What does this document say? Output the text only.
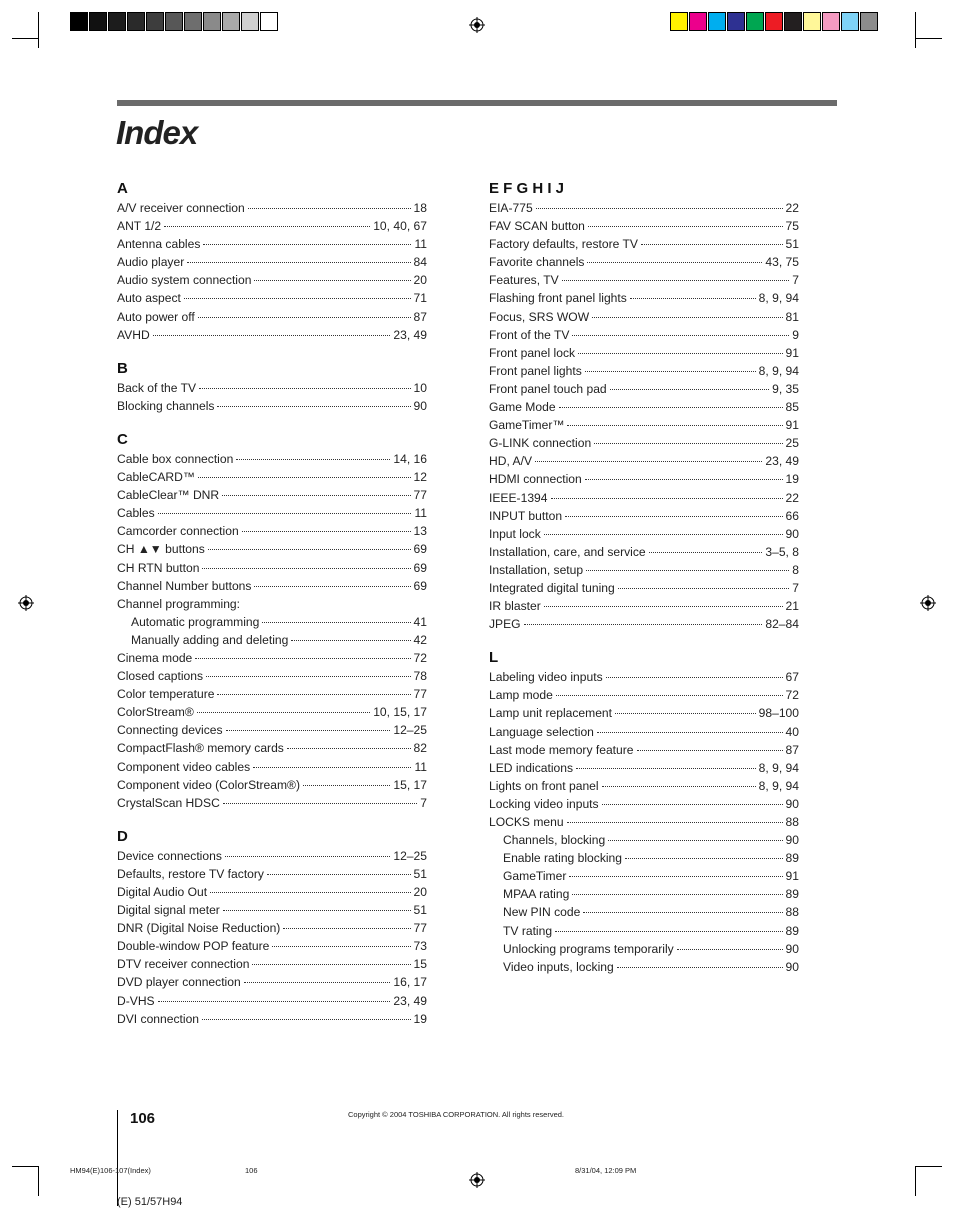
Index
A
A/V receiver connection	18
ANT 1/2	10, 40, 67
Antenna cables	11
Audio player	84
Audio system connection	20
Auto aspect	71
Auto power off	87
AVHD	23, 49
B
Back of the TV	10
Blocking channels	90
C
Cable box connection	14, 16
CableCARD™	12
CableClear™ DNR	77
Cables	11
Camcorder connection	13
CH ▲▼ buttons	69
CH RTN button	69
Channel Number buttons	69
Channel programming:
Automatic programming	41
Manually adding and deleting	42
Cinema mode	72
Closed captions	78
Color temperature	77
ColorStream®	10, 15, 17
Connecting devices	12–25
CompactFlash® memory cards	82
Component video cables	11
Component video (ColorStream®)	15, 17
CrystalScan HDSC	7
D
Device connections	12–25
Defaults, restore TV factory	51
Digital Audio Out	20
Digital signal meter	51
DNR (Digital Noise Reduction)	77
Double-window POP feature	73
DTV receiver connection	15
DVD player connection	16, 17
D-VHS	23, 49
DVI connection	19
E F G H I J
EIA-775	22
FAV SCAN button	75
Factory defaults, restore TV	51
Favorite channels	43, 75
Features, TV	7
Flashing front panel lights	8, 9, 94
Focus, SRS WOW	81
Front of the TV	9
Front panel lock	91
Front panel lights	8, 9, 94
Front panel touch pad	9, 35
Game Mode	85
GameTimer™	91
G-LINK connection	25
HD, A/V	23, 49
HDMI connection	19
IEEE-1394	22
INPUT button	66
Input lock	90
Installation, care, and service	3–5, 8
Installation, setup	8
Integrated digital tuning	7
IR blaster	21
JPEG	82–84
L
Labeling video inputs	67
Lamp mode	72
Lamp unit replacement	98–100
Language selection	40
Last mode memory feature	87
LED indications	8, 9, 94
Lights on front panel	8, 9, 94
Locking video inputs	90
LOCKS menu	88
Channels, blocking	90
Enable rating blocking	89
GameTimer	91
MPAA rating	89
New PIN code	88
TV rating	89
Unlocking programs temporarily	90
Video inputs, locking	90
106	Copyright © 2004 TOSHIBA CORPORATION. All rights reserved.
HM94(E)106-107(Index)	106	8/31/04, 12:09 PM
(E) 51/57H94
